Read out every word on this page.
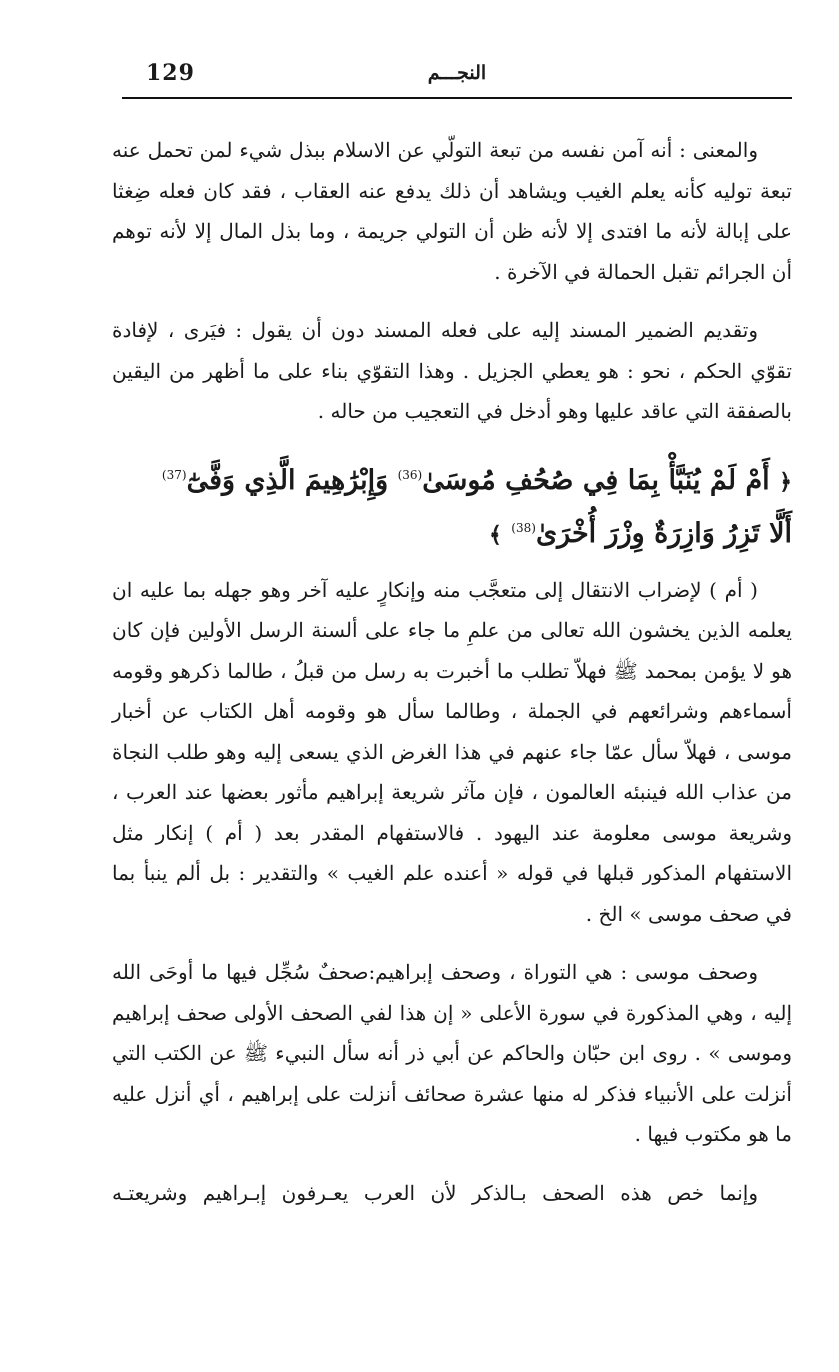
129	النجـــم

والمعنى : أنه آمن نفسه من تبعة التولّي عن الاسلام ببذل شيء لمن تحمل عنه تبعة توليه كأنه يعلم الغيب ويشاهد أن ذلك يدفع عنه العقاب ، فقد كان فعله ضِغثا على إبالة لأنه ما افتدى إلا لأنه ظن أن التولي جريمة ، وما بذل المال إلا لأنه توهم أن الجرائم تقبل الحمالة في الآخرة .

وتقديم الضمير المسند إليه على فعله المسند دون أن يقول : فيَرى ، لإفادة تقوّي الحكم ، نحو : هو يعطي الجزيل . وهذا التقوّي بناء على ما أظهر من اليقين بالصفقة التي عاقد عليها وهو أدخل في التعجيب من حاله .

﴿ أَمْ لَمْ يُنَبَّأْ بِمَا فِي صُحُفِ مُوسَىٰ$^{(36)}$ وَإِبْرَٰهِيمَ الَّذِي وَفَّىٰٓ$^{(37)}$
أَلَّا تَزِرُ وَازِرَةٌ وِزْرَ أُخْرَىٰ$^{(38)}$ ﴾

( أم ) لإضراب الانتقال إلى متعجَّب منه وإنكارٍ عليه آخر وهو جهله بما عليه ان يعلمه الذين يخشون الله تعالى من علمِ ما جاء على ألسنة الرسل الأولين فإن كان هو لا يؤمن بمحمد ﷺ فهلاّ تطلب ما أخبرت به رسل من قبلُ ، طالما ذكرهو وقومه أسماءهم وشرائعهم في الجملة ، وطالما سأل هو وقومه أهل الكتاب عن أخبار موسى ، فهلاّ سأل عمّا جاء عنهم في هذا الغرض الذي يسعى إليه وهو طلب النجاة من عذاب الله فينبئه العالمون ، فإن مآثر شريعة إبراهيم مأثور بعضها عند العرب ، وشريعة موسى معلومة عند اليهود . فالاستفهام المقدر بعد ( أم ) إنكار مثل الاستفهام المذكور قبلها في قوله « أعنده علم الغيب » والتقدير : بل ألم ينبأ بما في صحف موسى » الخ .

وصحف موسى : هي التوراة ، وصحف إبراهيم:صحفٌ سُجِّل فيها ما أوحَى الله إليه ، وهي المذكورة في سورة الأعلى « إن هذا لفي الصحف الأولى صحف إبراهيم وموسى » . روى ابن حبّان والحاكم عن أبي ذر أنه سأل النبيء ﷺ عن الكتب التي أنزلت على الأنبياء فذكر له منها عشرة صحائف أنزلت على إبراهيم ، أي أنزل عليه ما هو مكتوب فيها .

وإنما خص هذه الصحف بـالذكر لأن العرب يعـرفون إبـراهيم وشريعتـه
